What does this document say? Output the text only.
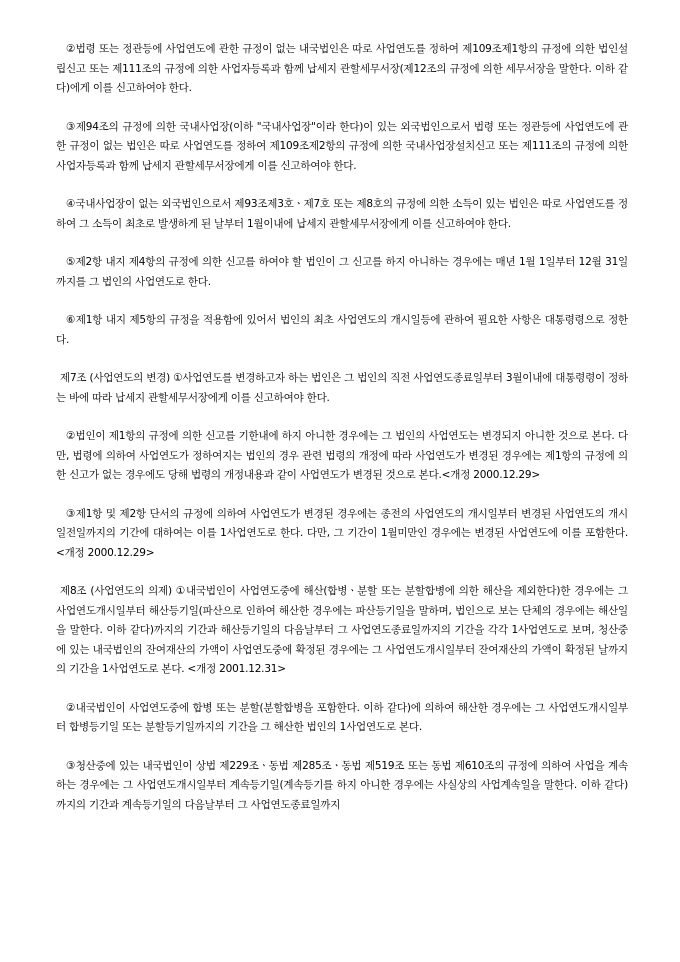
②법령 또는 정관등에 사업연도에 관한 규정이 없는 내국법인은 따로 사업연도를 정하여 제109조제1항의 규정에 의한 법인설립신고 또는 제111조의 규정에 의한 사업자등록과 함께 납세지 관할세무서장(제12조의 규정에 의한 세무서장을 말한다. 이하 같다)에게 이를 신고하여야 한다.

③제94조의 규정에 의한 국내사업장(이하 "국내사업장"이라 한다)이 있는 외국법인으로서 법령 또는 정관등에 사업연도에 관한 규정이 없는 법인은 따로 사업연도를 정하여 제109조제2항의 규정에 의한 국내사업장설치신고 또는 제111조의 규정에 의한 사업자등록과 함께 납세지 관할세무서장에게 이를 신고하여야 한다.

④국내사업장이 없는 외국법인으로서 제93조제3호ㆍ제7호 또는 제8호의 규정에 의한 소득이 있는 법인은 따로 사업연도를 정하여 그 소득이 최초로 발생하게 된 날부터 1월이내에 납세지 관할세무서장에게 이를 신고하여야 한다.

⑤제2항 내지 제4항의 규정에 의한 신고를 하여야 할 법인이 그 신고를 하지 아니하는 경우에는 매년 1월 1일부터 12월 31일까지를 그 법인의 사업연도로 한다.

⑥제1항 내지 제5항의 규정을 적용함에 있어서 법인의 최초 사업연도의 개시일등에 관하여 필요한 사항은 대통령령으로 정한다.

제7조 (사업연도의 변경) ①사업연도를 변경하고자 하는 법인은 그 법인의 직전 사업연도종료일부터 3월이내에 대통령령이 정하는 바에 따라 납세지 관할세무서장에게 이를 신고하여야 한다.

②법인이 제1항의 규정에 의한 신고를 기한내에 하지 아니한 경우에는 그 법인의 사업연도는 변경되지 아니한 것으로 본다. 다만, 법령에 의하여 사업연도가 정하여지는 법인의 경우 관련 법령의 개정에 따라 사업연도가 변경된 경우에는 제1항의 규정에 의한 신고가 없는 경우에도 당해 법령의 개정내용과 같이 사업연도가 변경된 것으로 본다.<개정 2000.12.29>

③제1항 및 제2항 단서의 규정에 의하여 사업연도가 변경된 경우에는 종전의 사업연도의 개시일부터 변경된 사업연도의 개시일전일까지의 기간에 대하여는 이를 1사업연도로 한다. 다만, 그 기간이 1월미만인 경우에는 변경된 사업연도에 이를 포함한다.<개정 2000.12.29>

제8조 (사업연도의 의제) ①내국법인이 사업연도중에 해산(합병ㆍ분할 또는 분할합병에 의한 해산을 제외한다)한 경우에는 그 사업연도개시일부터 해산등기일(파산으로 인하여 해산한 경우에는 파산등기일을 말하며, 법인으로 보는 단체의 경우에는 해산일을 말한다. 이하 같다)까지의 기간과 해산등기일의 다음날부터 그 사업연도종료일까지의 기간을 각각 1사업연도로 보며, 청산중에 있는 내국법인의 잔여재산의 가액이 사업연도중에 확정된 경우에는 그 사업연도개시일부터 잔여재산의 가액이 확정된 날까지의 기간을 1사업연도로 본다. <개정 2001.12.31>

②내국법인이 사업연도중에 합병 또는 분할(분할합병을 포함한다. 이하 같다)에 의하여 해산한 경우에는 그 사업연도개시일부터 합병등기일 또는 분할등기일까지의 기간을 그 해산한 법인의 1사업연도로 본다.

③청산중에 있는 내국법인이 상법 제229조ㆍ동법 제285조ㆍ동법 제519조 또는 동법 제610조의 규정에 의하여 사업을 계속하는 경우에는 그 사업연도개시일부터 계속등기일(계속등기를 하지 아니한 경우에는 사실상의 사업계속일을 말한다. 이하 같다)까지의 기간과 계속등기일의 다음날부터 그 사업연도종료일까지
